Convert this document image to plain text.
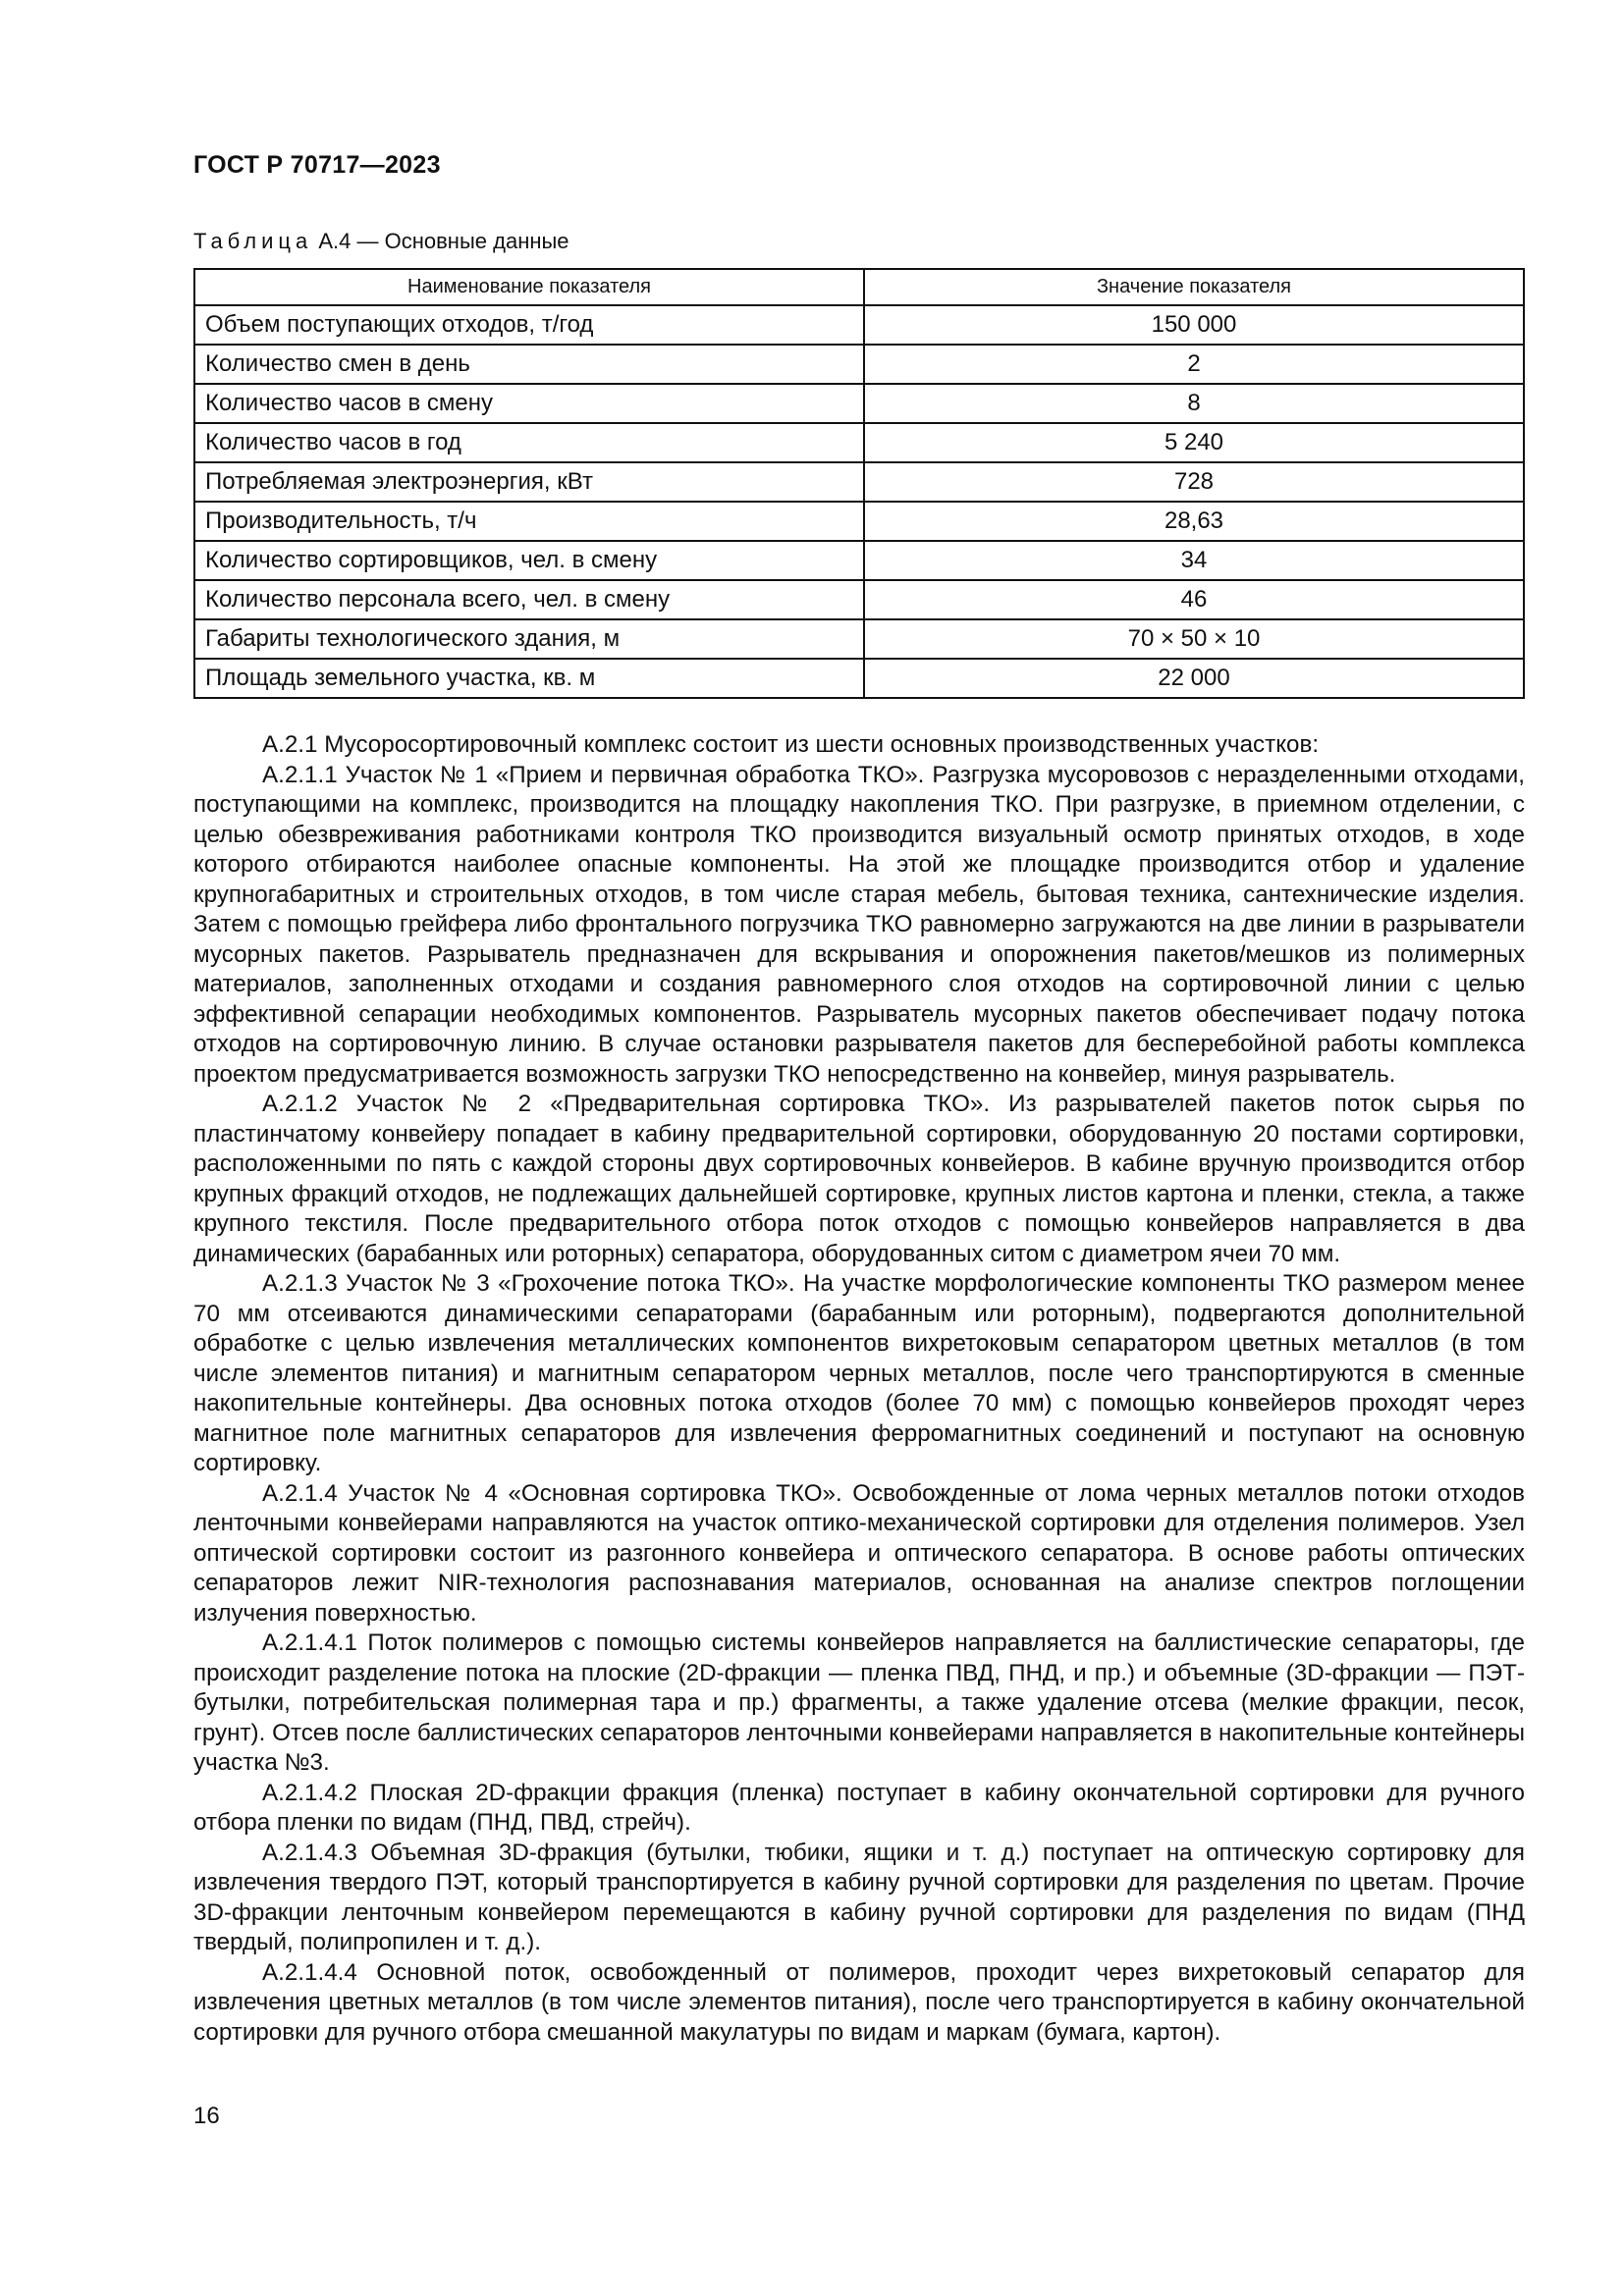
ГОСТ Р 70717—2023
Таблица А.4 — Основные данные
Наименование показателя	Значение показателя
Объем поступающих отходов, т/год	150 000
Количество смен в день	2
Количество часов в смену	8
Количество часов в год	5 240
Потребляемая электроэнергия, кВт	728
Производительность, т/ч	28,63
Количество сортировщиков, чел. в смену	34
Количество персонала всего, чел. в смену	46
Габариты технологического здания, м	70 × 50 × 10
Площадь земельного участка, кв. м	22 000

А.2.1 Мусоросортировочный комплекс состоит из шести основных производственных участков:

А.2.1.1 Участок № 1 «Прием и первичная обработка ТКО». Разгрузка мусоровозов с неразделенными отходами, поступающими на комплекс, производится на площадку накопления ТКО. При разгрузке, в приемном отделении, с целью обезвреживания работниками контроля ТКО производится визуальный осмотр принятых отходов, в ходе которого отбираются наиболее опасные компоненты. На этой же площадке производится отбор и удаление крупногабаритных и строительных отходов, в том числе старая мебель, бытовая техника, сантехнические изделия. Затем с помощью грейфера либо фронтального погрузчика ТКО равномерно загружаются на две линии в разрыватели мусорных пакетов. Разрыватель предназначен для вскрывания и опорожнения пакетов/мешков из полимерных материалов, заполненных отходами и создания равномерного слоя отходов на сортировочной линии с целью эффективной сепарации необходимых компонентов. Разрыватель мусорных пакетов обеспечивает подачу потока отходов на сортировочную линию. В случае остановки разрывателя пакетов для бесперебойной работы комплекса проектом предусматривается возможность загрузки ТКО непосредственно на конвейер, минуя разрыватель.

А.2.1.2 Участок № 2 «Предварительная сортировка ТКО». Из разрывателей пакетов поток сырья по пластинчатому конвейеру попадает в кабину предварительной сортировки, оборудованную 20 постами сортировки, расположенными по пять с каждой стороны двух сортировочных конвейеров. В кабине вручную производится отбор крупных фракций отходов, не подлежащих дальнейшей сортировке, крупных листов картона и пленки, стекла, а также крупного текстиля. После предварительного отбора поток отходов с помощью конвейеров направляется в два динамических (барабанных или роторных) сепаратора, оборудованных ситом с диаметром ячеи 70 мм.

А.2.1.3 Участок № 3 «Грохочение потока ТКО». На участке морфологические компоненты ТКО размером менее 70 мм отсеиваются динамическими сепараторами (барабанным или роторным), подвергаются дополнительной обработке с целью извлечения металлических компонентов вихретоковым сепаратором цветных металлов (в том числе элементов питания) и магнитным сепаратором черных металлов, после чего транспортируются в сменные накопительные контейнеры. Два основных потока отходов (более 70 мм) с помощью конвейеров проходят через магнитное поле магнитных сепараторов для извлечения ферромагнитных соединений и поступают на основную сортировку.

А.2.1.4 Участок № 4 «Основная сортировка ТКО». Освобожденные от лома черных металлов потоки отходов ленточными конвейерами направляются на участок оптико-механической сортировки для отделения полимеров. Узел оптической сортировки состоит из разгонного конвейера и оптического сепаратора. В основе работы оптических сепараторов лежит NIR-технология распознавания материалов, основанная на анализе спектров поглощении излучения поверхностью.

А.2.1.4.1 Поток полимеров с помощью системы конвейеров направляется на баллистические сепараторы, где происходит разделение потока на плоские (2D-фракции — пленка ПВД, ПНД, и пр.) и объемные (3D-фракции — ПЭТ-бутылки, потребительская полимерная тара и пр.) фрагменты, а также удаление отсева (мелкие фракции, песок, грунт). Отсев после баллистических сепараторов ленточными конвейерами направляется в накопительные контейнеры участка №3.

А.2.1.4.2 Плоская 2D-фракции фракция (пленка) поступает в кабину окончательной сортировки для ручного отбора пленки по видам (ПНД, ПВД, стрейч).

А.2.1.4.3 Объемная 3D-фракция (бутылки, тюбики, ящики и т. д.) поступает на оптическую сортировку для извлечения твердого ПЭТ, который транспортируется в кабину ручной сортировки для разделения по цветам. Прочие 3D-фракции ленточным конвейером перемещаются в кабину ручной сортировки для разделения по видам (ПНД твердый, полипропилен и т. д.).

А.2.1.4.4 Основной поток, освобожденный от полимеров, проходит через вихретоковый сепаратор для извлечения цветных металлов (в том числе элементов питания), после чего транспортируется в кабину окончательной сортировки для ручного отбора смешанной макулатуры по видам и маркам (бумага, картон).

16
